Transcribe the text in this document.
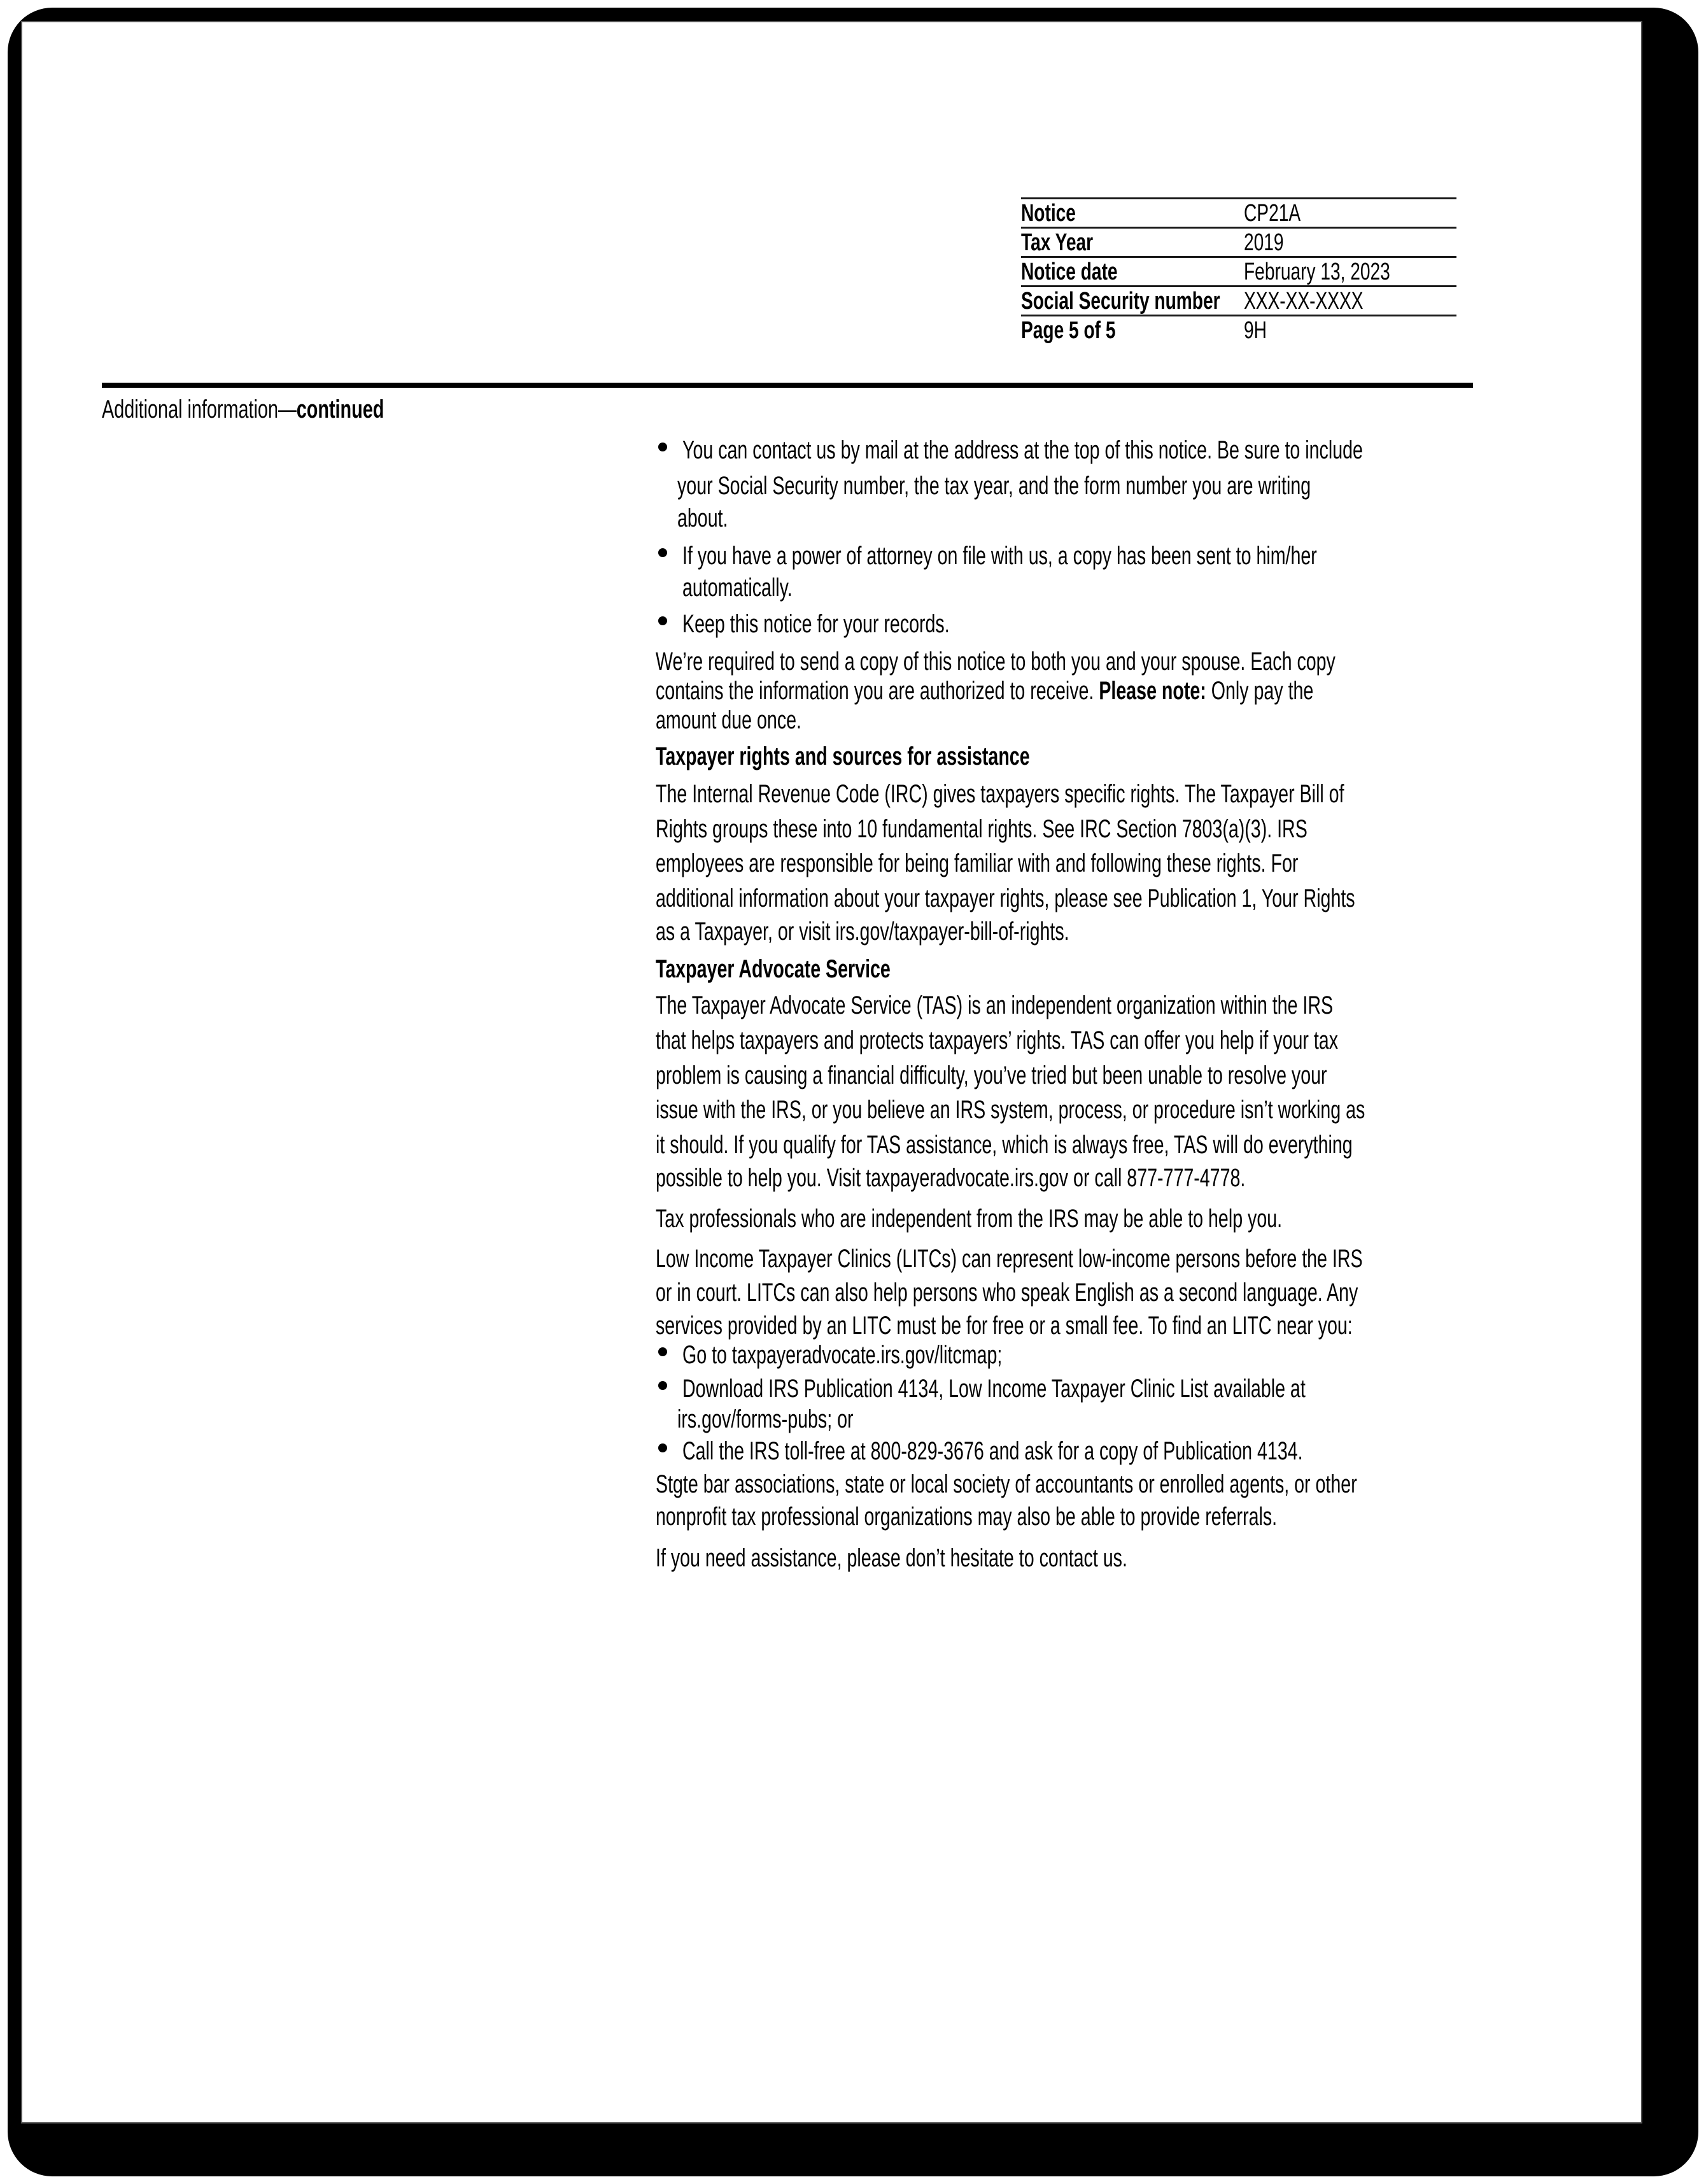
Notice	CP21A
Tax Year	2019
Notice date	February 13, 2023
Social Security number XXX-XX-XXXX
Page 5 of 5	9H
Additional information—continued
You can contact us by mail at the address at the top of this notice. Be sure to include
your Social Security number, the tax year, and the form number you are writing
about.
If you have a power of attorney on file with us, a copy has been sent to him/her
automatically.
Keep this notice for your records.
We’re required to send a copy of this notice to both you and your spouse. Each copy
contains the information you are authorized to receive. Please note: Only pay the
amount due once.
Taxpayer rights and sources for assistance
The Internal Revenue Code (IRC) gives taxpayers specific rights. The Taxpayer Bill of
Rights groups these into 10 fundamental rights. See IRC Section 7803(a)(3). IRS
employees are responsible for being familiar with and following these rights. For
additional information about your taxpayer rights, please see Publication 1, Your Rights
as a Taxpayer, or visit irs.gov/taxpayer-bill-of-rights.
Taxpayer Advocate Service
The Taxpayer Advocate Service (TAS) is an independent organization within the IRS
that helps taxpayers and protects taxpayers’ rights. TAS can offer you help if your tax
problem is causing a financial difficulty, you’ve tried but been unable to resolve your
issue with the IRS, or you believe an IRS system, process, or procedure isn’t working as
it should. If you qualify for TAS assistance, which is always free, TAS will do everything
possible to help you. Visit taxpayeradvocate.irs.gov or call 877-777-4778.
Tax professionals who are independent from the IRS may be able to help you.
Low Income Taxpayer Clinics (LITCs) can represent low-income persons before the IRS
or in court. LITCs can also help persons who speak English as a second language. Any
services provided by an LITC must be for free or a small fee. To find an LITC near you:
Go to taxpayeradvocate.irs.gov/litcmap;
Download IRS Publication 4134, Low Income Taxpayer Clinic List available at
irs.gov/forms-pubs; or
Call the IRS toll-free at 800-829-3676 and ask for a copy of Publication 4134.
Stgte bar associations, state or local society of accountants or enrolled agents, or other
nonprofit tax professional organizations may also be able to provide referrals.
If you need assistance, please don’t hesitate to contact us.
